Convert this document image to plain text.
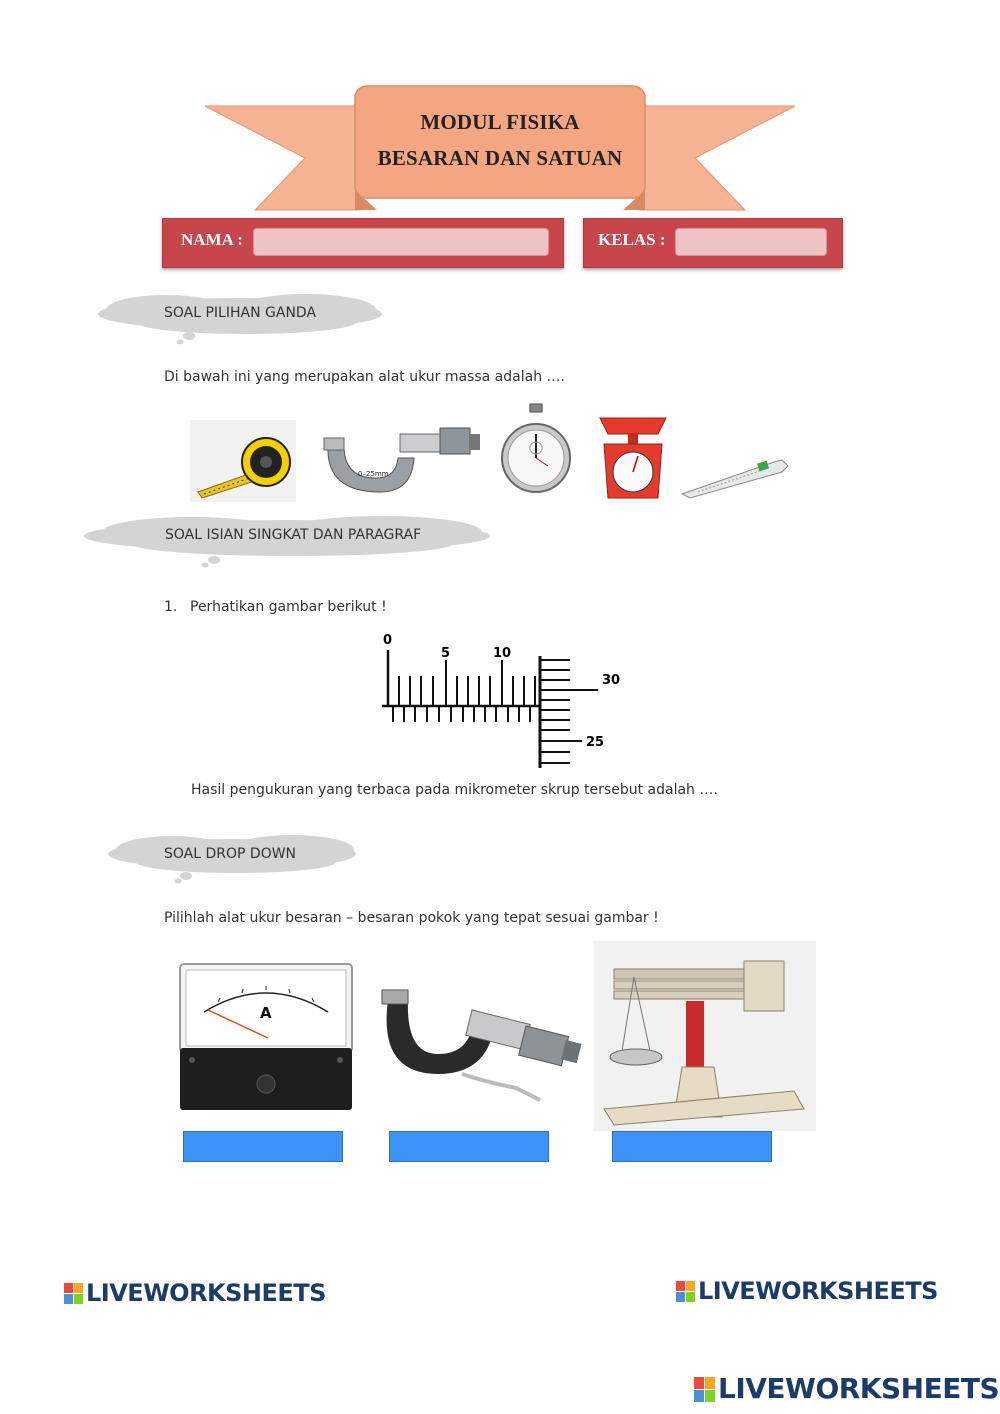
MODUL FISIKA
BESARAN DAN SATUAN
NAMA :	KELAS :
SOAL PILIHAN GANDA
Di bawah ini yang merupakan alat ukur massa adalah ….
0–25mm
SOAL ISIAN SINGKAT DAN PARAGRAF
1. Perhatikan gambar berikut !
0
5	10
30
25
Hasil pengukuran yang terbaca pada mikrometer skrup tersebut adalah ….
SOAL DROP DOWN
Pilihlah alat ukur besaran – besaran pokok yang tepat sesuai gambar !
A
LIVEWORKSHEETS	LIVEWORKSHEETS
LIVEWORKSHEETS
